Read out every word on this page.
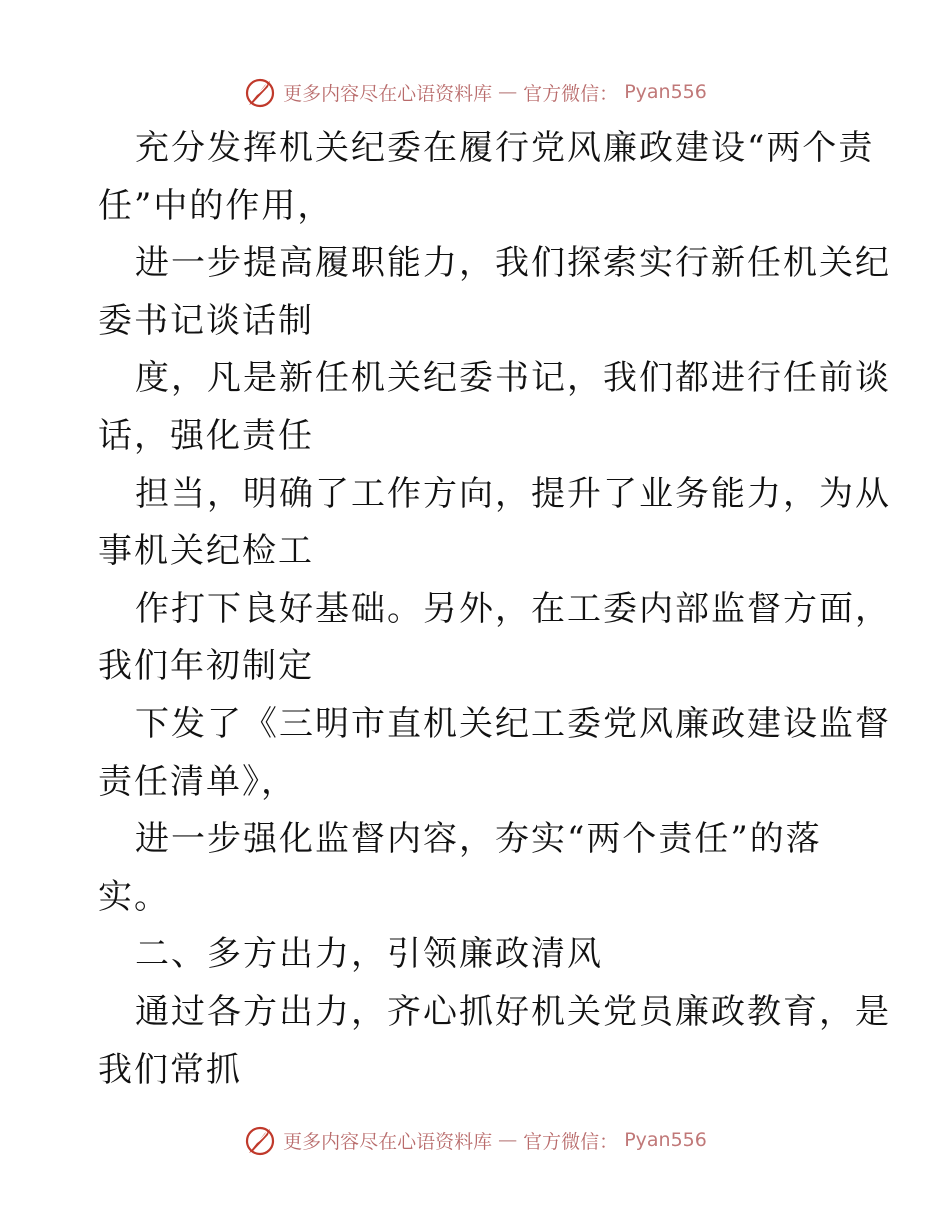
更多内容尽在心语资料库 — 官方微信： Pyan556
充分发挥机关纪委在履行党风廉政建设“两个责
任”中的作用，
进一步提高履职能力，我们探索实行新任机关纪
委书记谈话制
度，凡是新任机关纪委书记，我们都进行任前谈
话，强化责任
担当，明确了工作方向，提升了业务能力，为从
事机关纪检工
作打下良好基础。另外，在工委内部监督方面，
我们年初制定
下发了《三明市直机关纪工委党风廉政建设监督
责任清单》，
进一步强化监督内容，夯实“两个责任”的落
实。
二、多方出力，引领廉政清风
通过各方出力，齐心抓好机关党员廉政教育，是
我们常抓
更多内容尽在心语资料库 — 官方微信： Pyan556
